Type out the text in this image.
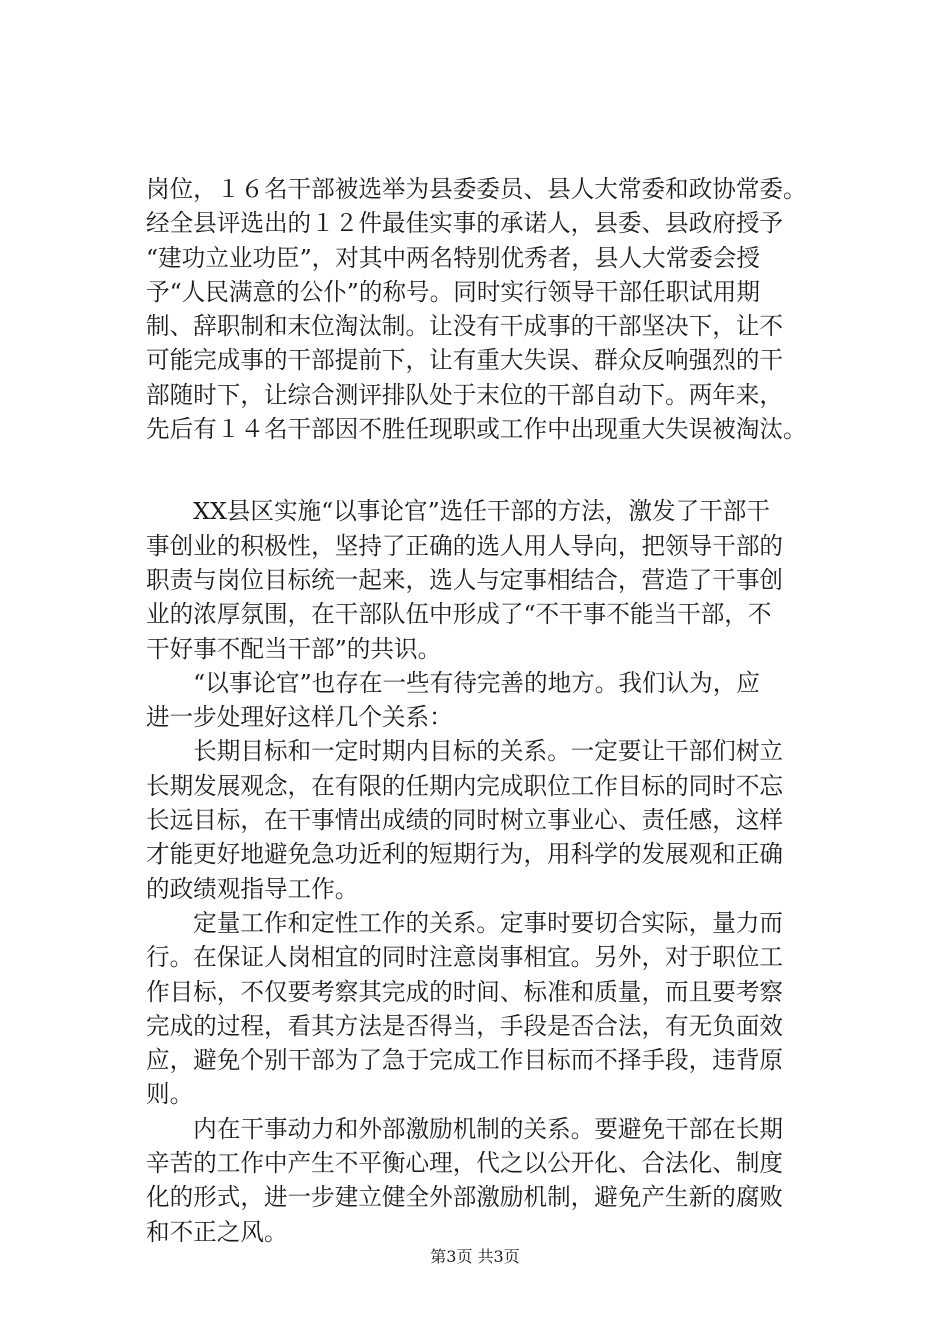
岗位，１６名干部被选举为县委委员、县人大常委和政协常委。
经全县评选出的１２件最佳实事的承诺人，县委、县政府授予
“建功立业功臣”，对其中两名特别优秀者，县人大常委会授
予“人民满意的公仆”的称号。同时实行领导干部任职试用期
制、辞职制和末位淘汰制。让没有干成事的干部坚决下，让不
可能完成事的干部提前下，让有重大失误、群众反响强烈的干
部随时下，让综合测评排队处于末位的干部自动下。两年来，
先后有１４名干部因不胜任现职或工作中出现重大失误被淘汰。
　　XX县区实施“以事论官”选任干部的方法，激发了干部干
事创业的积极性，坚持了正确的选人用人导向，把领导干部的
职责与岗位目标统一起来，选人与定事相结合，营造了干事创
业的浓厚氛围，在干部队伍中形成了“不干事不能当干部，不
干好事不配当干部”的共识。
　　“以事论官”也存在一些有待完善的地方。我们认为，应
进一步处理好这样几个关系：
　　长期目标和一定时期内目标的关系。一定要让干部们树立
长期发展观念，在有限的任期内完成职位工作目标的同时不忘
长远目标，在干事情出成绩的同时树立事业心、责任感，这样
才能更好地避免急功近利的短期行为，用科学的发展观和正确
的政绩观指导工作。
　　定量工作和定性工作的关系。定事时要切合实际，量力而
行。在保证人岗相宜的同时注意岗事相宜。另外，对于职位工
作目标，不仅要考察其完成的时间、标准和质量，而且要考察
完成的过程，看其方法是否得当，手段是否合法，有无负面效
应，避免个别干部为了急于完成工作目标而不择手段，违背原
则。
　　内在干事动力和外部激励机制的关系。要避免干部在长期
辛苦的工作中产生不平衡心理，代之以公开化、合法化、制度
化的形式，进一步建立健全外部激励机制，避免产生新的腐败
和不正之风。
第3页 共3页
